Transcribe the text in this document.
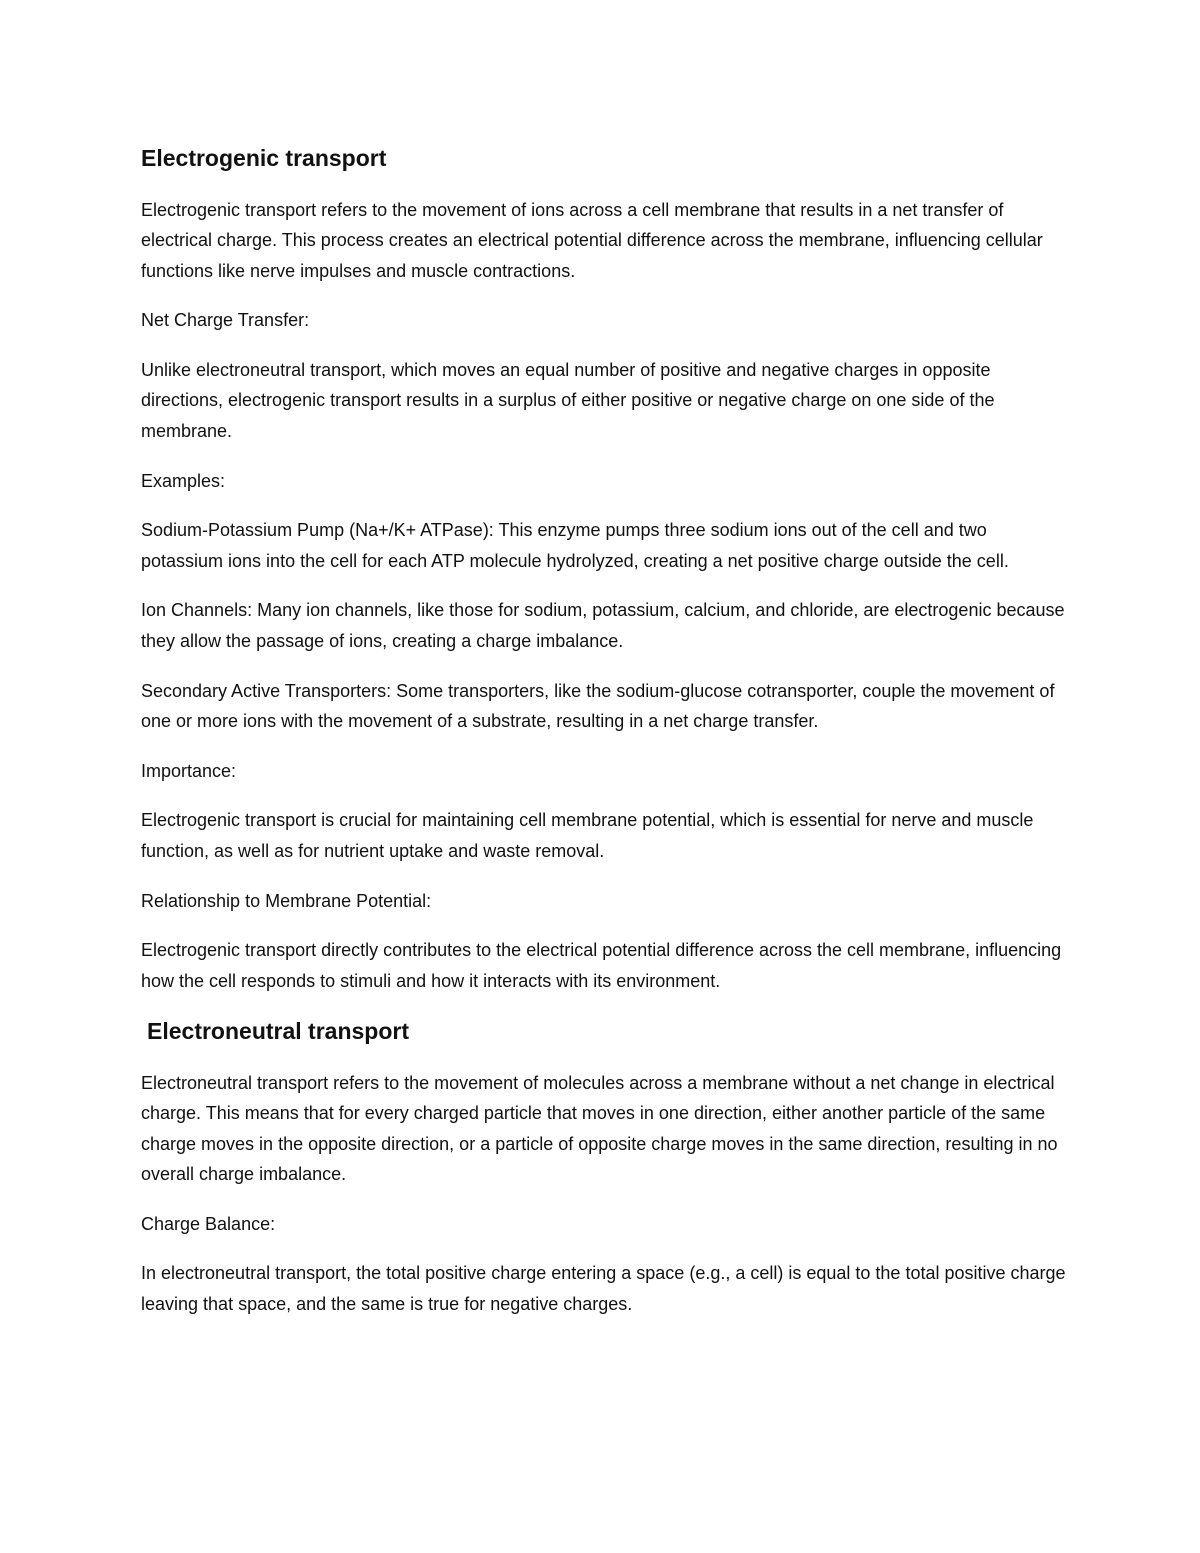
Electrogenic transport

Electrogenic transport refers to the movement of ions across a cell membrane that results in a net transfer of electrical charge. This process creates an electrical potential difference across the membrane, influencing cellular functions like nerve impulses and muscle contractions.

Net Charge Transfer:

Unlike electroneutral transport, which moves an equal number of positive and negative charges in opposite directions, electrogenic transport results in a surplus of either positive or negative charge on one side of the membrane.

Examples:

Sodium-Potassium Pump (Na+/K+ ATPase): This enzyme pumps three sodium ions out of the cell and two potassium ions into the cell for each ATP molecule hydrolyzed, creating a net positive charge outside the cell.

Ion Channels: Many ion channels, like those for sodium, potassium, calcium, and chloride, are electrogenic because they allow the passage of ions, creating a charge imbalance.

Secondary Active Transporters: Some transporters, like the sodium-glucose cotransporter, couple the movement of one or more ions with the movement of a substrate, resulting in a net charge transfer.

Importance:

Electrogenic transport is crucial for maintaining cell membrane potential, which is essential for nerve and muscle function, as well as for nutrient uptake and waste removal.

Relationship to Membrane Potential:

Electrogenic transport directly contributes to the electrical potential difference across the cell membrane, influencing how the cell responds to stimuli and how it interacts with its environment.

Electroneutral transport

Electroneutral transport refers to the movement of molecules across a membrane without a net change in electrical charge. This means that for every charged particle that moves in one direction, either another particle of the same charge moves in the opposite direction, or a particle of opposite charge moves in the same direction, resulting in no overall charge imbalance.

Charge Balance:

In electroneutral transport, the total positive charge entering a space (e.g., a cell) is equal to the total positive charge leaving that space, and the same is true for negative charges.
